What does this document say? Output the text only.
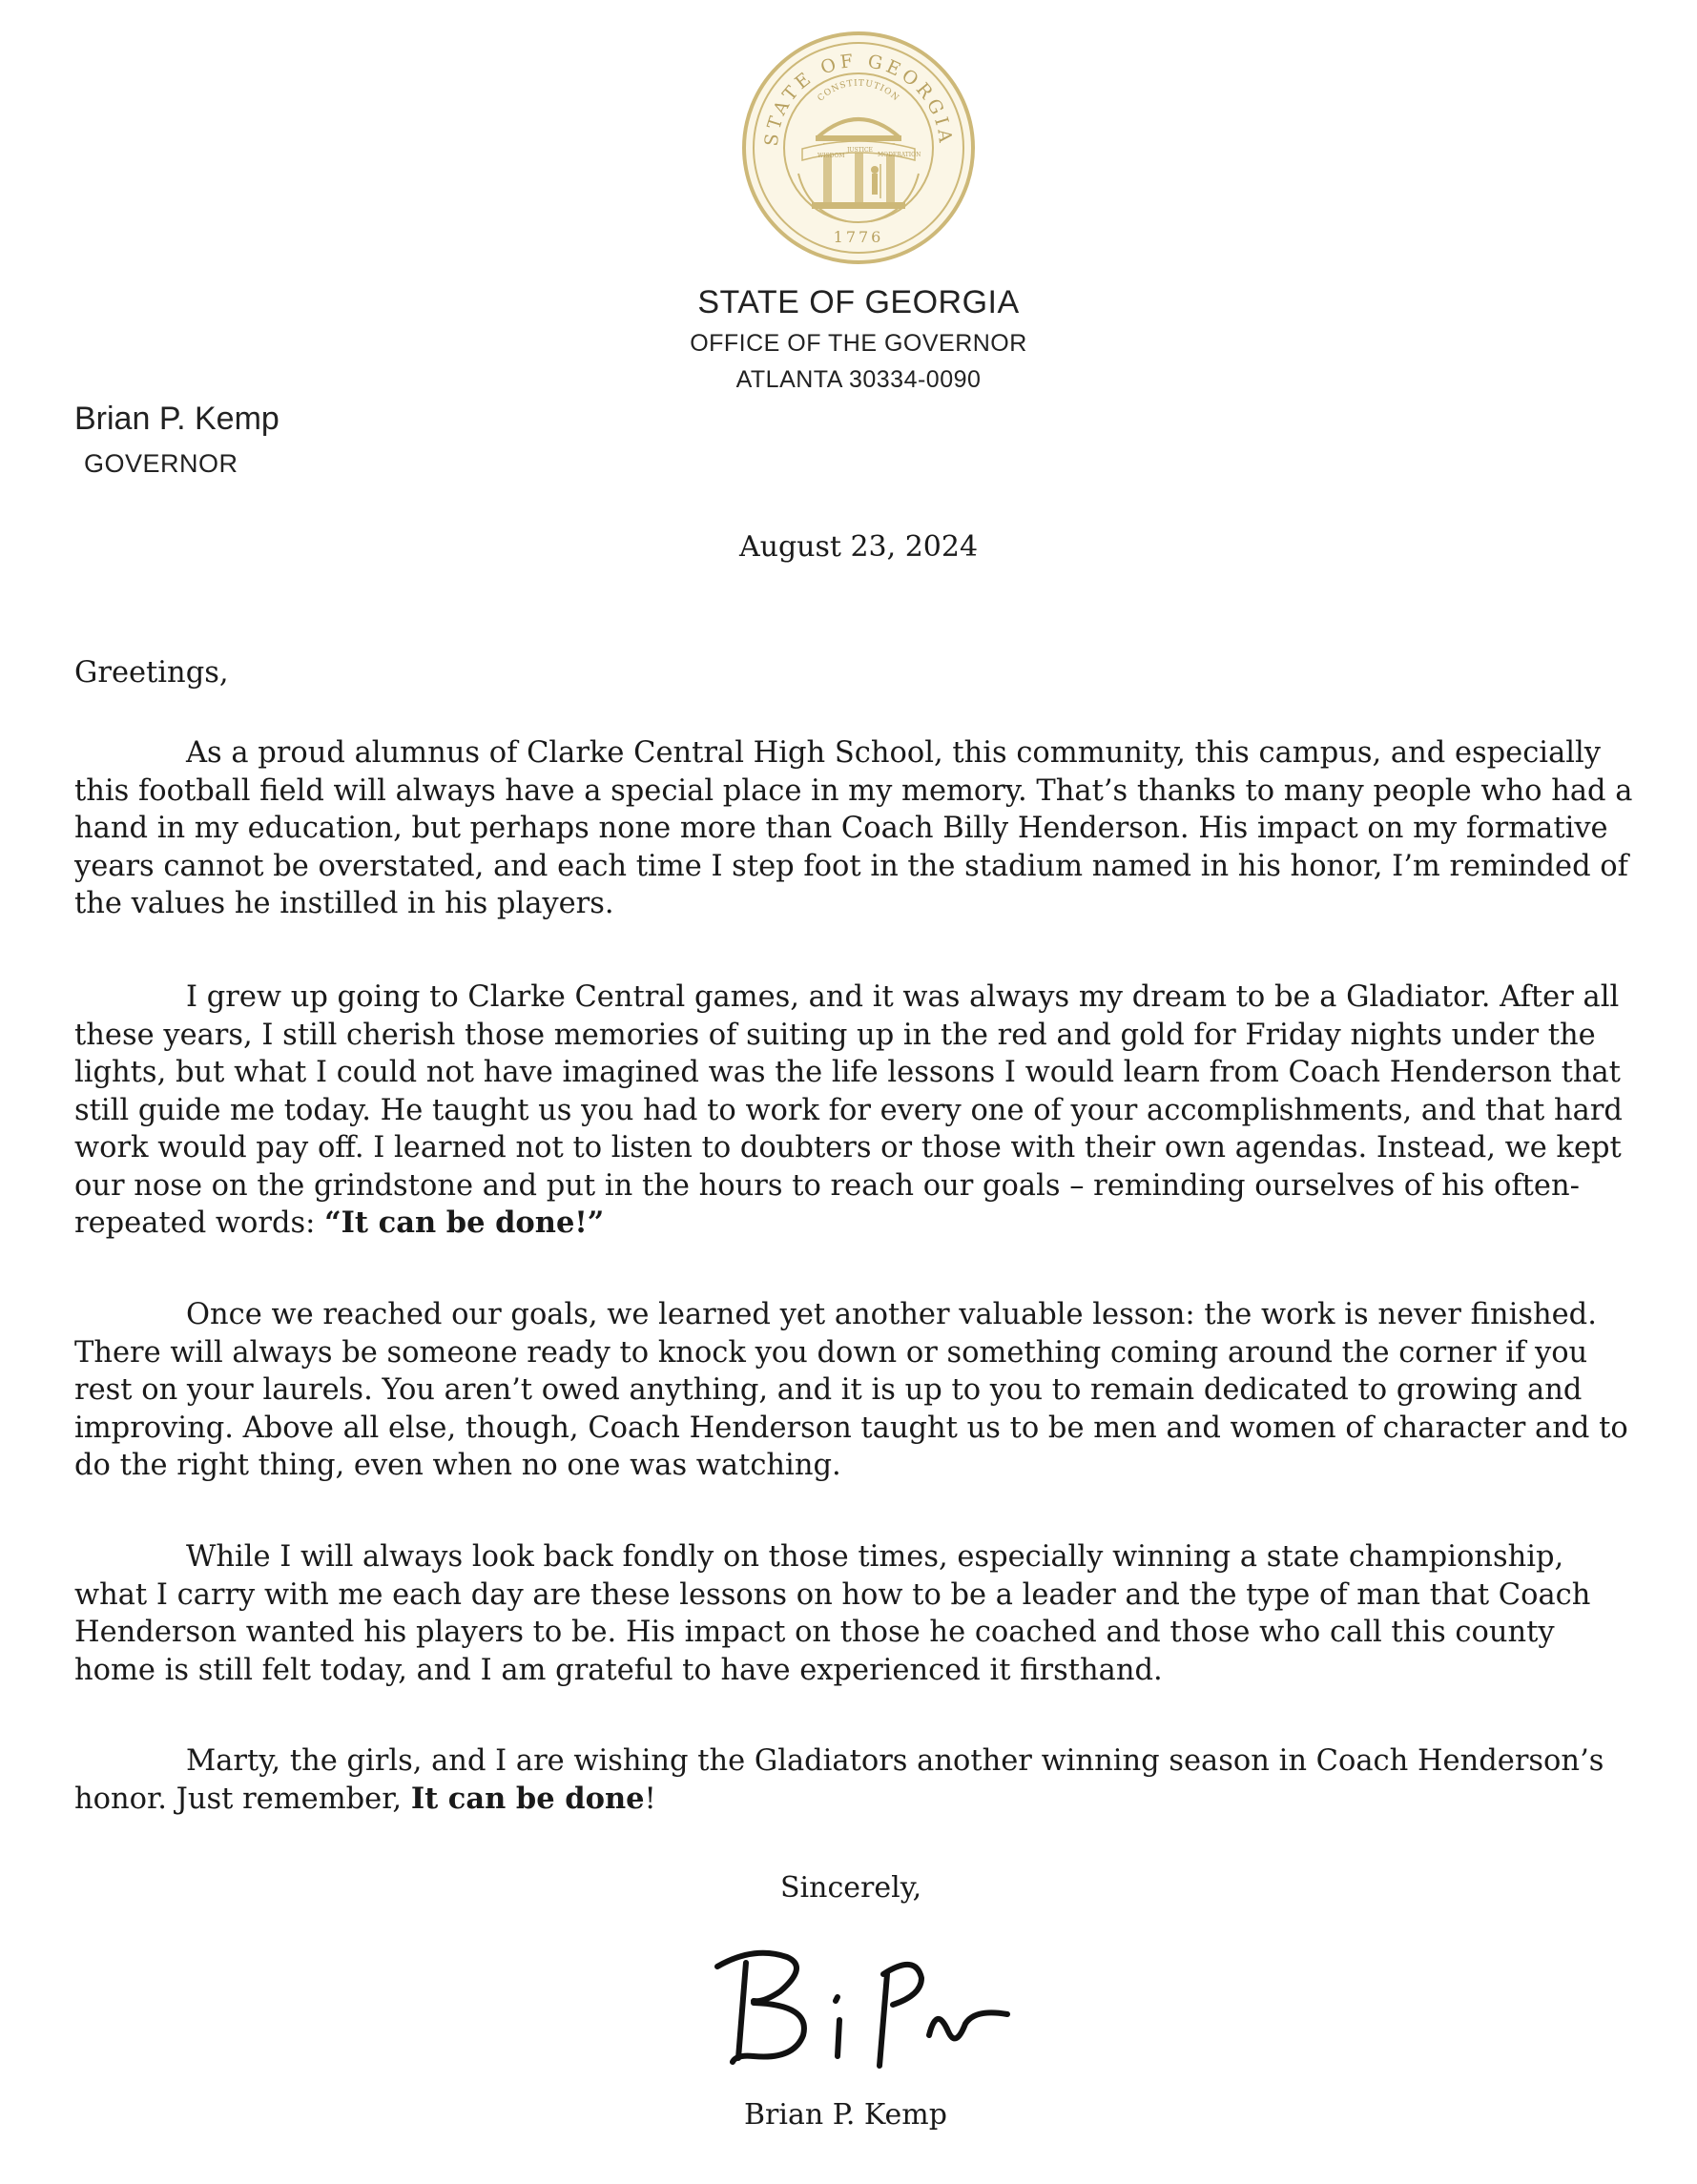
STATE OF GEORGIA
CONSTITUTION
WISDOM
JUSTICE
MODERATION
1776
STATE OF GEORGIA
OFFICE OF THE GOVERNOR
ATLANTA 30334-0090
Brian P. Kemp
GOVERNOR
August 23, 2024
Greetings,

As a proud alumnus of Clarke Central High School, this community, this campus, and especially this football field will always have a special place in my memory. That’s thanks to many people who had a hand in my education, but perhaps none more than Coach Billy Henderson. His impact on my formative years cannot be overstated, and each time I step foot in the stadium named in his honor, I’m reminded of the values he instilled in his players.

I grew up going to Clarke Central games, and it was always my dream to be a Gladiator. After all these years, I still cherish those memories of suiting up in the red and gold for Friday nights under the lights, but what I could not have imagined was the life lessons I would learn from Coach Henderson that still guide me today. He taught us you had to work for every one of your accomplishments, and that hard work would pay off. I learned not to listen to doubters or those with their own agendas. Instead, we kept our nose on the grindstone and put in the hours to reach our goals – reminding ourselves of his often-repeated words: “It can be done!”

Once we reached our goals, we learned yet another valuable lesson: the work is never finished. There will always be someone ready to knock you down or something coming around the corner if you rest on your laurels. You aren’t owed anything, and it is up to you to remain dedicated to growing and improving. Above all else, though, Coach Henderson taught us to be men and women of character and to do the right thing, even when no one was watching.

While I will always look back fondly on those times, especially winning a state championship, what I carry with me each day are these lessons on how to be a leader and the type of man that Coach Henderson wanted his players to be. His impact on those he coached and those who call this county home is still felt today, and I am grateful to have experienced it firsthand.

Marty, the girls, and I are wishing the Gladiators another winning season in Coach Henderson’s honor. Just remember, It can be done!

Sincerely,
Brian P. Kemp
